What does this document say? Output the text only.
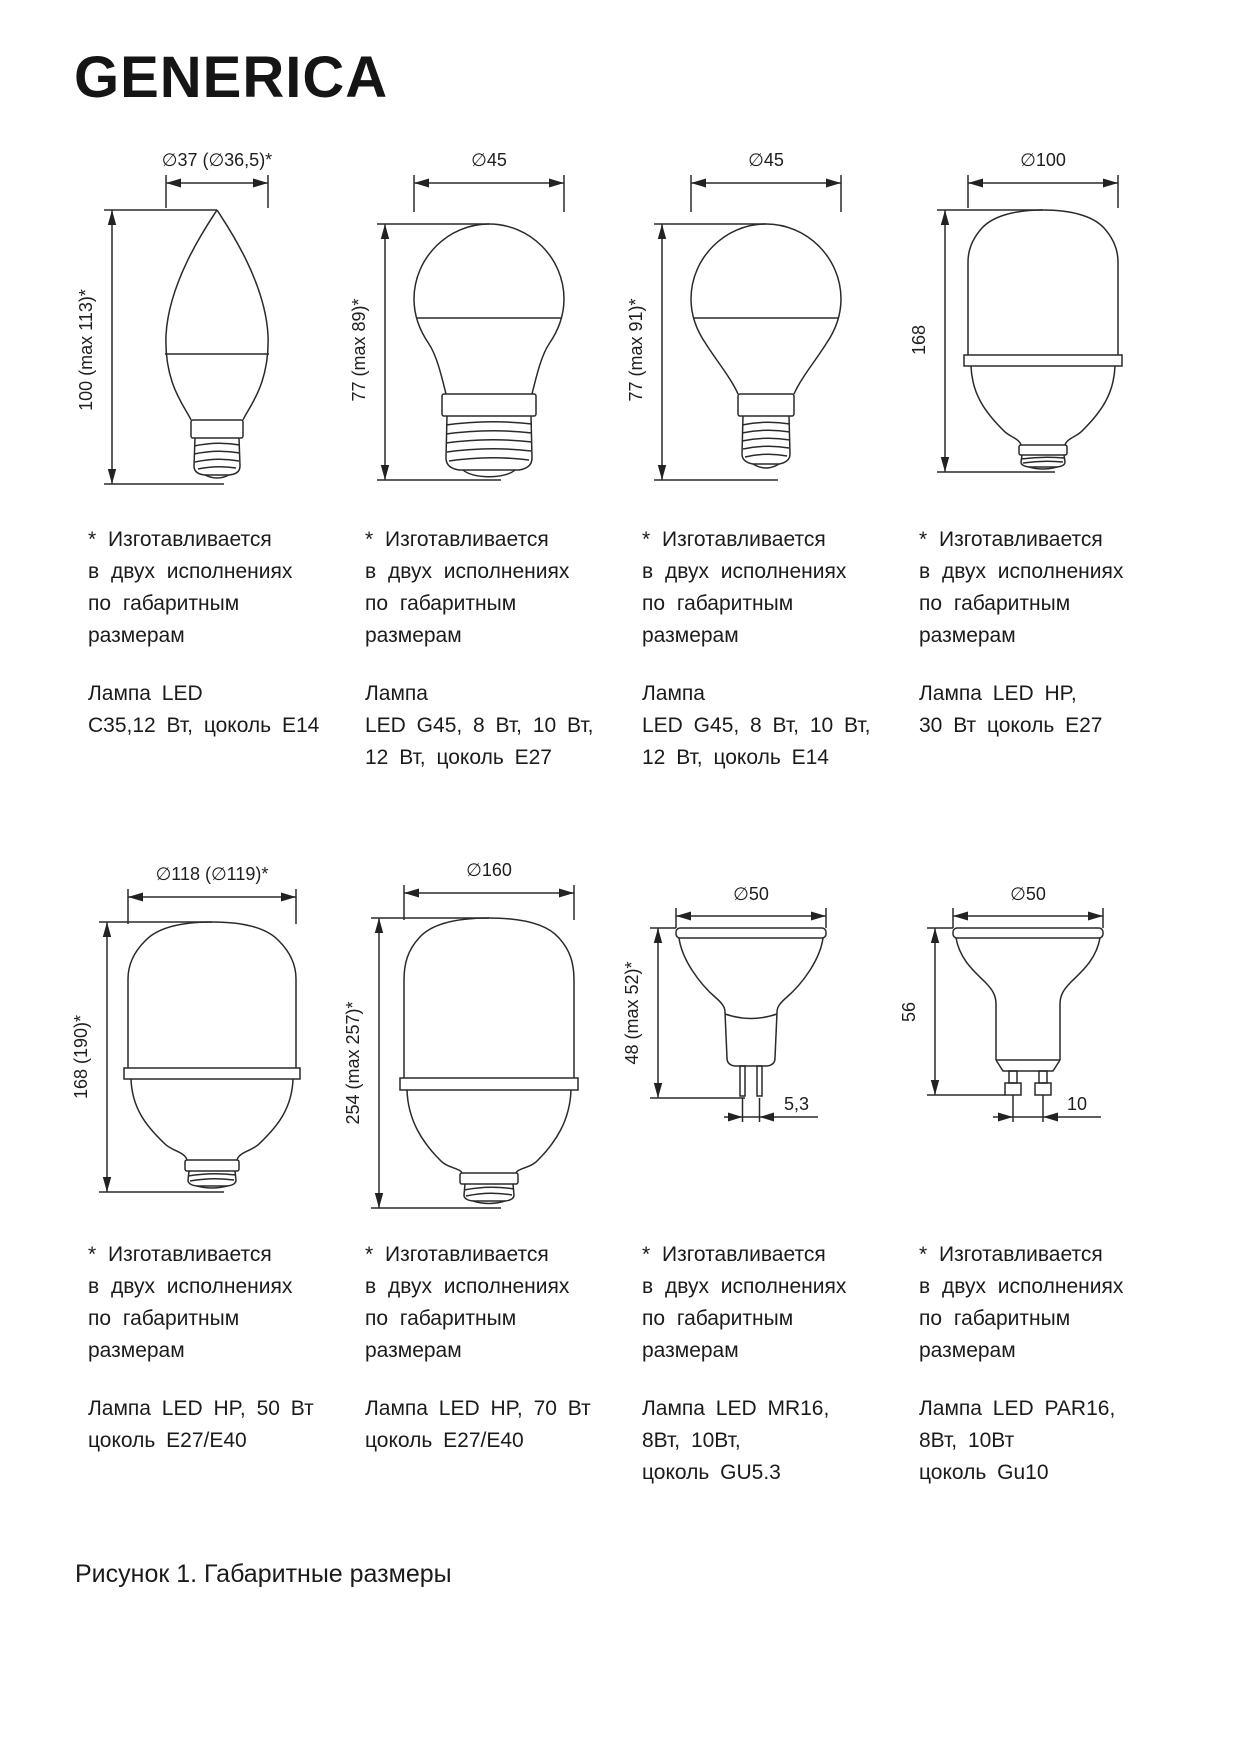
GENERICA
∅37 (∅36,5)*
100 (max 113)*
* Изготавливается
в двух исполнениях
по габаритным
размерам
Лампа LED
C35,12 Вт, цоколь E14
∅45
77 (max 89)*
* Изготавливается
в двух исполнениях
по габаритным
размерам
Лампа
LED G45, 8 Вт, 10 Вт,
12 Вт, цоколь E27
∅45
77 (max 91)*
* Изготавливается
в двух исполнениях
по габаритным
размерам
Лампа
LED G45, 8 Вт, 10 Вт,
12 Вт, цоколь E14
∅100
168
* Изготавливается
в двух исполнениях
по габаритным
размерам
Лампа LED HP,
30 Вт цоколь E27
∅118 (∅119)*
168 (190)*
* Изготавливается
в двух исполнениях
по габаритным
размерам
Лампа LED HP, 50 Вт
цоколь E27/E40
∅160
254 (max 257)*
* Изготавливается
в двух исполнениях
по габаритным
размерам
Лампа LED HP, 70 Вт
цоколь E27/E40
∅50
48 (max 52)*
5,3
* Изготавливается
в двух исполнениях
по габаритным
размерам
Лампа LED MR16,
8Вт, 10Вт,
цоколь GU5.3
∅50
56
10
* Изготавливается
в двух исполнениях
по габаритным
размерам
Лампа LED PAR16,
8Вт, 10Вт
цоколь Gu10
Рисунок 1. Габаритные размеры
